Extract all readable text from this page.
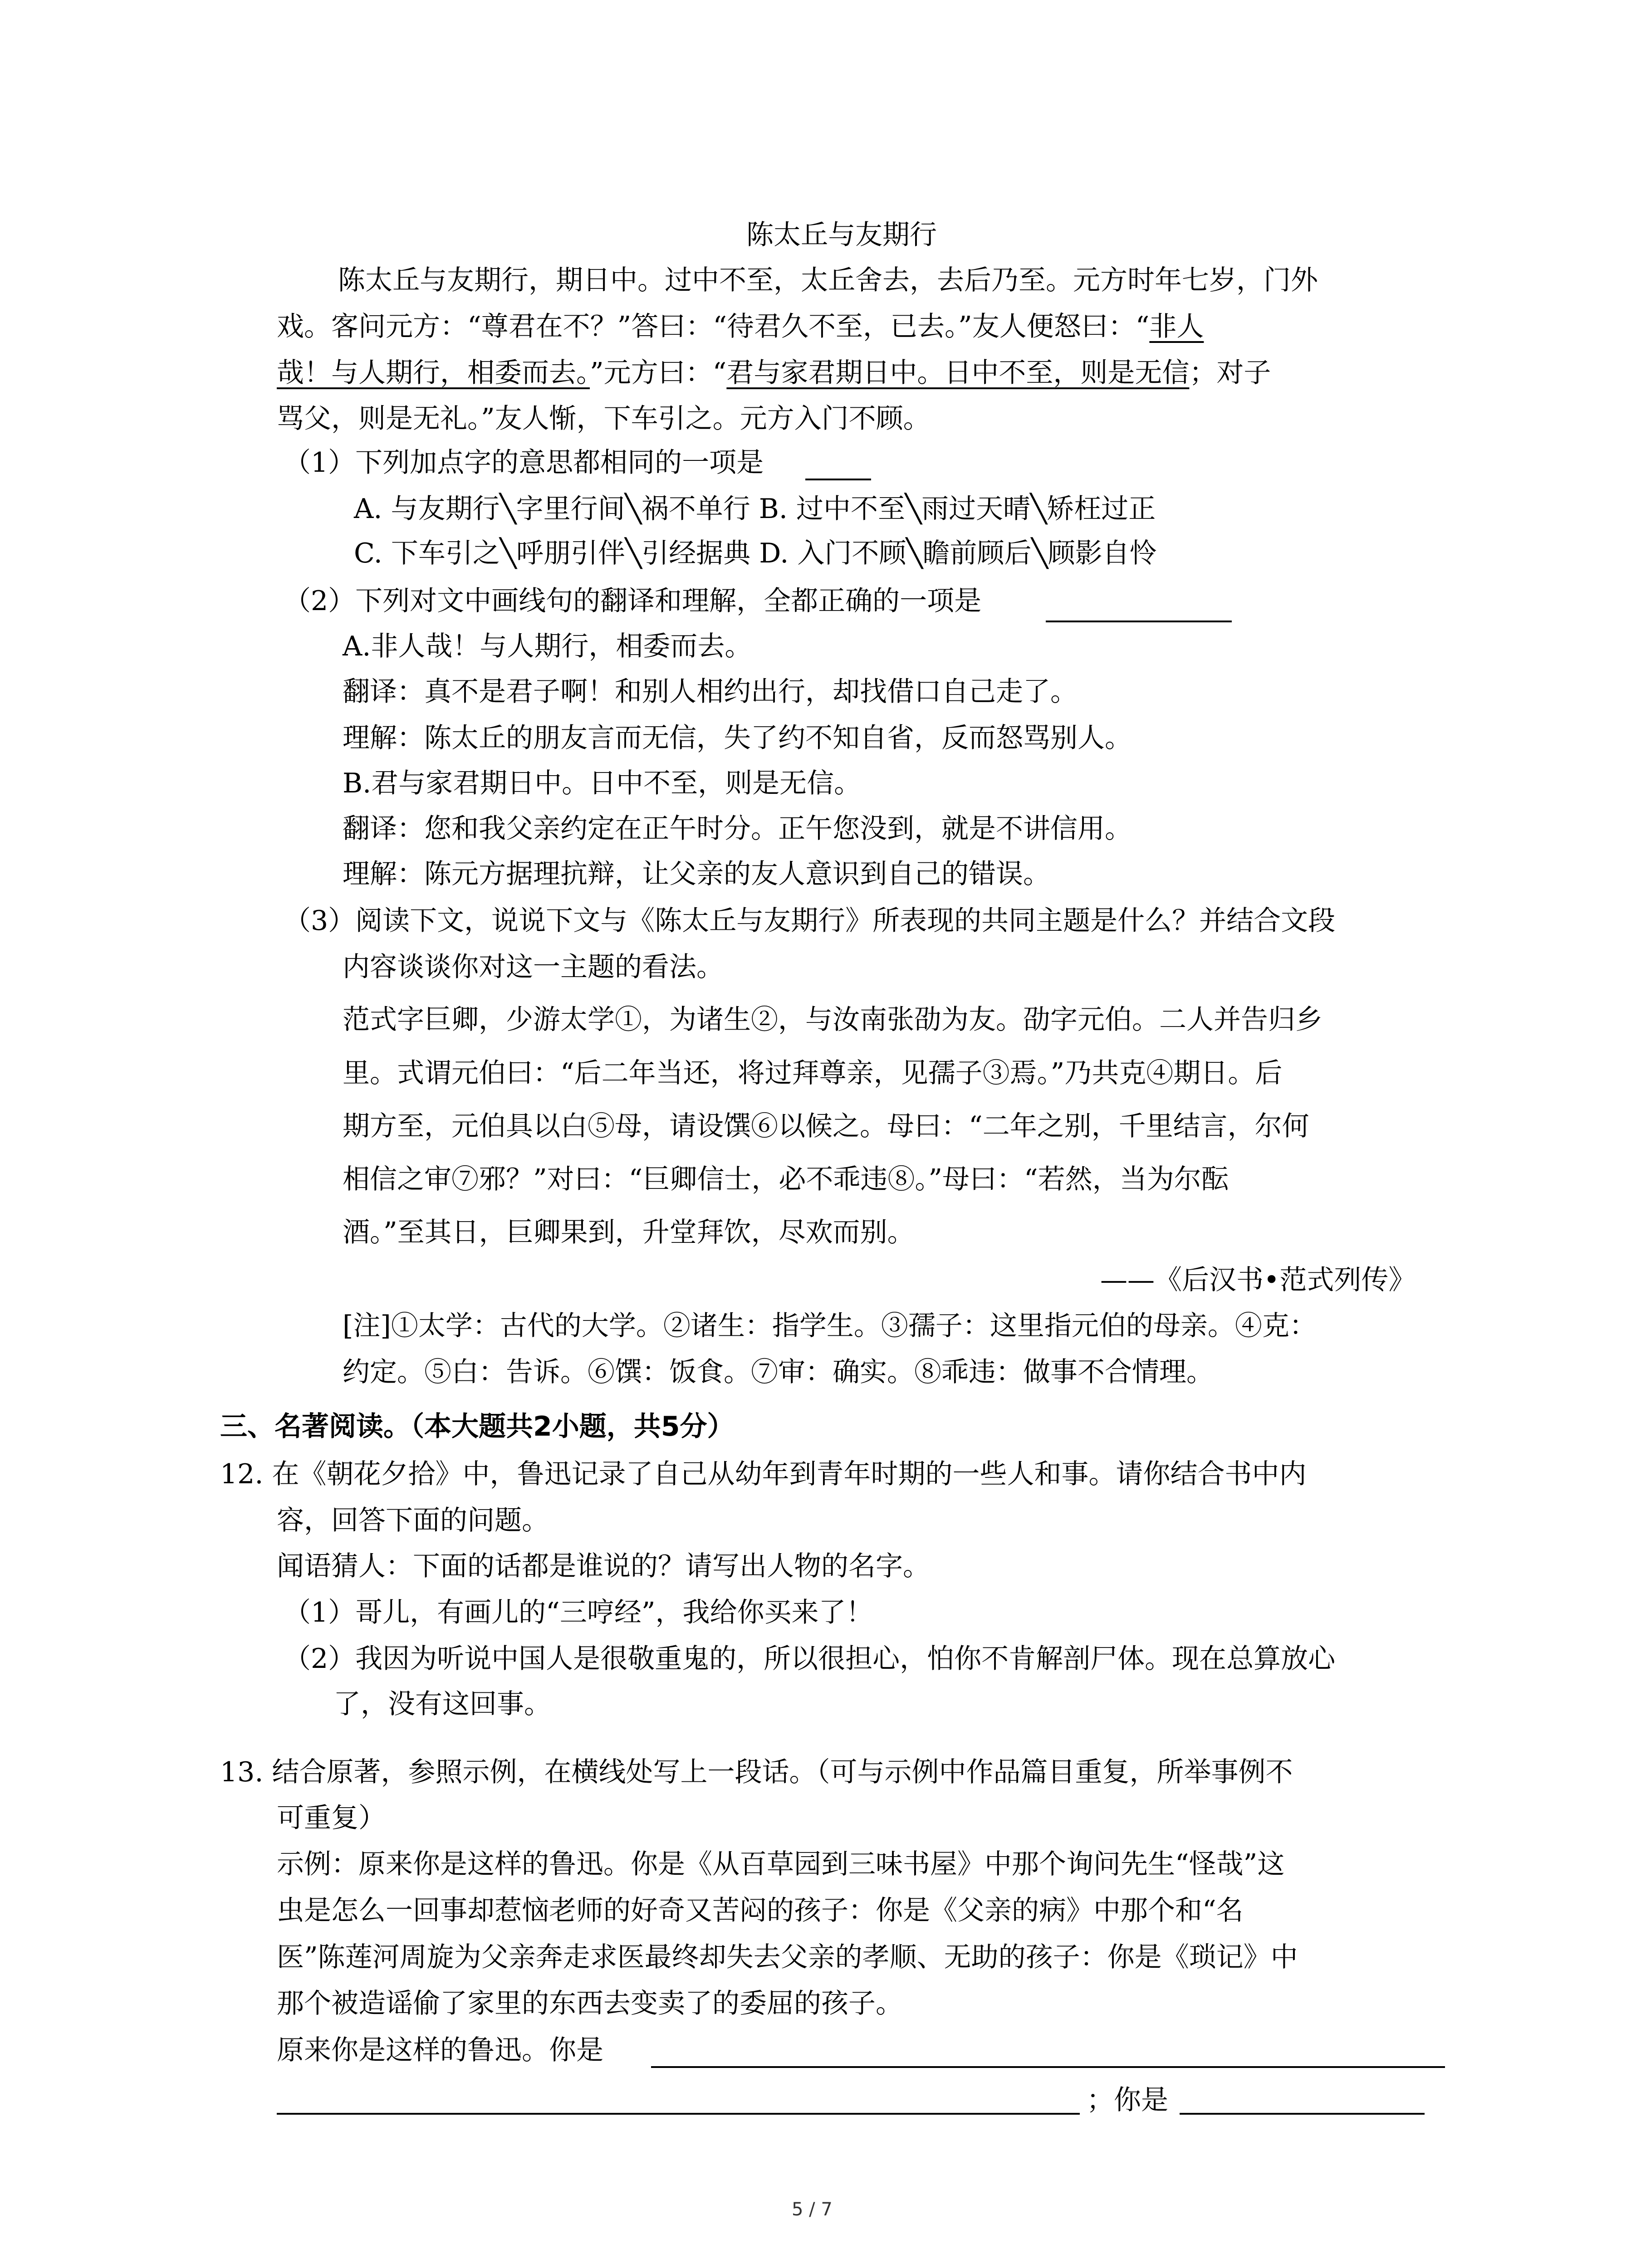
陈太丘与友期行
陈太丘与友期行，期日中。过中不至，太丘舍去，去后乃至。元方时年七岁，门外
戏。客问元方：“尊君在不？”答曰：“待君久不至，已去。”友人便怒曰：“非人
哉！与人期行，相委而去。”元方曰：“君与家君期日中。日中不至，则是无信；对子
骂父，则是无礼。”友人惭，下车引之。元方入门不顾。
（1）下列加点字的意思都相同的一项是
A. 与友期行╲字里行间╲祸不单行 B. 过中不至╲雨过天晴╲矫枉过正
C. 下车引之╲呼朋引伴╲引经据典 D. 入门不顾╲瞻前顾后╲顾影自怜
（2）下列对文中画线句的翻译和理解，全都正确的一项是
A.非人哉！与人期行，相委而去。
翻译：真不是君子啊！和别人相约出行，却找借口自己走了。
理解：陈太丘的朋友言而无信，失了约不知自省，反而怒骂别人。
B.君与家君期日中。日中不至，则是无信。
翻译：您和我父亲约定在正午时分。正午您没到，就是不讲信用。
理解：陈元方据理抗辩，让父亲的友人意识到自己的错误。
（3）阅读下文，说说下文与《陈太丘与友期行》所表现的共同主题是什么？并结合文段
内容谈谈你对这一主题的看法。
范式字巨卿，少游太学①，为诸生②，与汝南张劭为友。劭字元伯。二人并告归乡
里。式谓元伯曰：“后二年当还，将过拜尊亲，见孺子③焉。”乃共克④期日。后
期方至，元伯具以白⑤母，请设馔⑥以候之。母曰：“二年之别，千里结言，尔何
相信之审⑦邪？”对曰：“巨卿信士，必不乖违⑧。”母曰：“若然，当为尔酝
酒。”至其日，巨卿果到，升堂拜饮，尽欢而别。
——《后汉书•范式列传》
[注]①太学：古代的大学。②诸生：指学生。③孺子：这里指元伯的母亲。④克：
约定。⑤白：告诉。⑥馔：饭食。⑦审：确实。⑧乖违：做事不合情理。
三、名著阅读。（本大题共2小题，共5分）
12. 在《朝花夕拾》中，鲁迅记录了自己从幼年到青年时期的一些人和事。请你结合书中内
容，回答下面的问题。
闻语猜人：下面的话都是谁说的？请写出人物的名字。
（1）哥儿，有画儿的“三哼经”，我给你买来了！
（2）我因为听说中国人是很敬重鬼的，所以很担心，怕你不肯解剖尸体。现在总算放心
了，没有这回事。
13. 结合原著，参照示例，在横线处写上一段话。（可与示例中作品篇目重复，所举事例不
可重复）
示例：原来你是这样的鲁迅。你是《从百草园到三味书屋》中那个询问先生“怪哉”这
虫是怎么一回事却惹恼老师的好奇又苦闷的孩子：你是《父亲的病》中那个和“名
医”陈莲河周旋为父亲奔走求医最终却失去父亲的孝顺、无助的孩子：你是《琐记》中
那个被造谣偷了家里的东西去变卖了的委屈的孩子。
原来你是这样的鲁迅。你是
；你是
5 / 7
